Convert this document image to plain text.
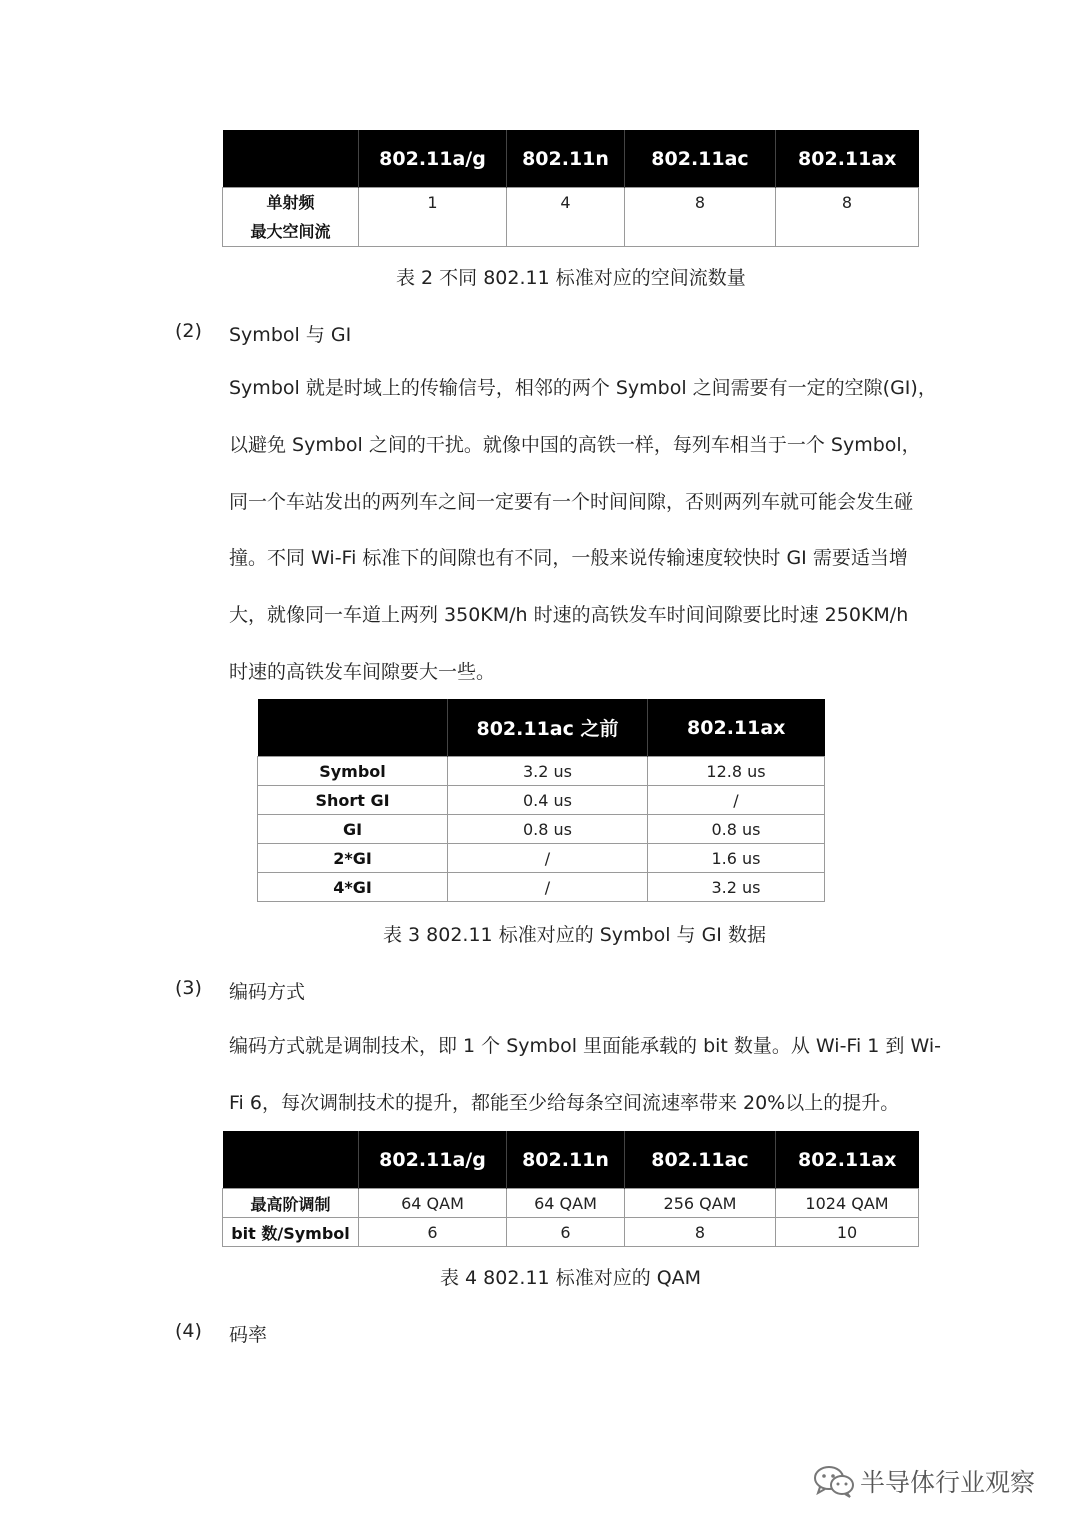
	802.11a/g	802.11n	802.11ac	802.11ax

单射频
最大空间流	1	4	8	8
表 2 不同 802.11 标准对应的空间流数量
(2) Symbol 与 GI
Symbol 就是时域上的传输信号，相邻的两个 Symbol 之间需要有一定的空隙(GI)，
以避免 Symbol 之间的干扰。就像中国的高铁一样，每列车相当于一个 Symbol，
同一个车站发出的两列车之间一定要有一个时间间隙，否则两列车就可能会发生碰
撞。不同 Wi-Fi 标准下的间隙也有不同，一般来说传输速度较快时 GI 需要适当增
大，就像同一车道上两列 350KM/h 时速的高铁发车时间间隙要比时速 250KM/h
时速的高铁发车间隙要大一些。
	802.11ac 之前	802.11ax
Symbol	3.2 us	12.8 us
Short GI	0.4 us	/
GI	0.8 us	0.8 us
2*GI	/	1.6 us
4*GI	/	3.2 us
表 3 802.11 标准对应的 Symbol 与 GI 数据
(3) 编码方式
编码方式就是调制技术，即 1 个 Symbol 里面能承载的 bit 数量。从 Wi-Fi 1 到 Wi-
Fi 6，每次调制技术的提升，都能至少给每条空间流速率带来 20%以上的提升。
	802.11a/g	802.11n	802.11ac	802.11ax
最高阶调制	64 QAM	64 QAM	256 QAM	1024 QAM
bit 数/Symbol	6	6	8	10
表 4 802.11 标准对应的 QAM
(4) 码率
半导体行业观察
